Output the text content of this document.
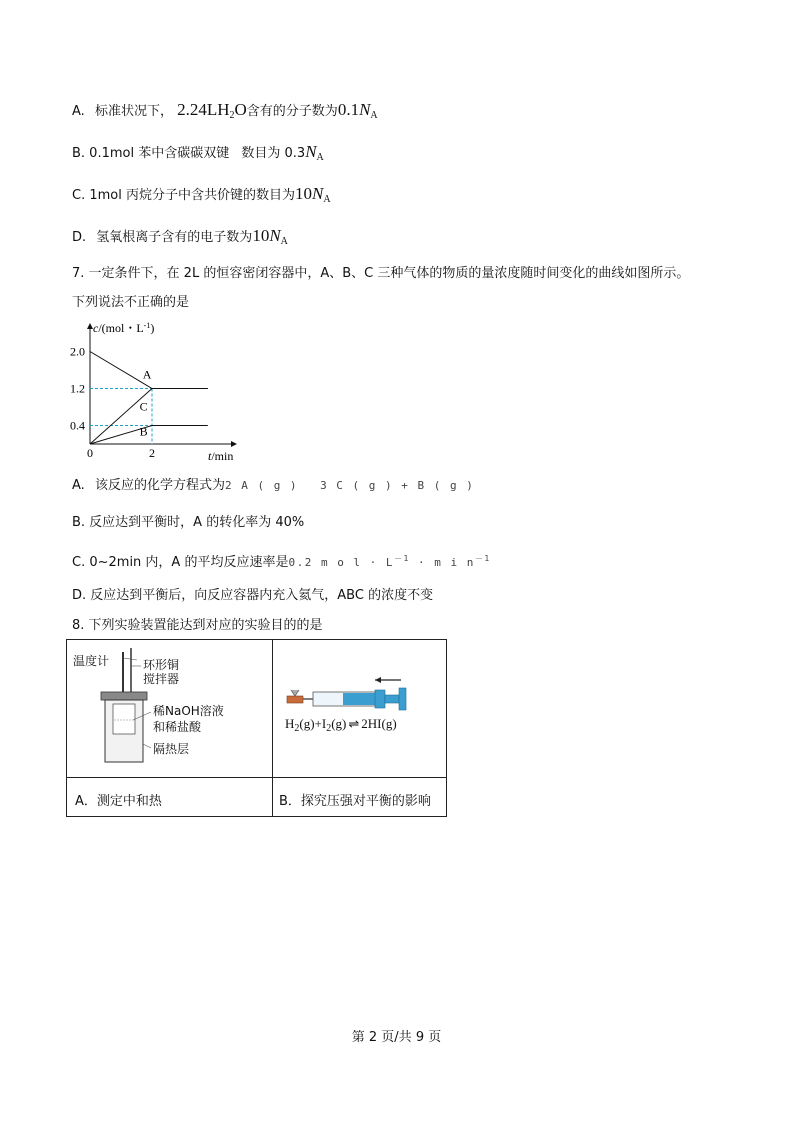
A. 标准状况下， $2.24LH_2O$含有的分子数为$0.1N_A$
B. 0.1mol 苯中含碳碳双键 数目为 $0.3N_A$
C. 1mol 丙烷分子中含共价键的数目为$10N_A$
D. 氢氧根离子含有的电子数为$10N_A$
7. 一定条件下，在 2L 的恒容密闭容器中，A、B、C 三种气体的物质的量浓度随时间变化的曲线如图所示。
下列说法不正确的是
c/(mol・$L^{-1}$)
t/min
2.0
1.2
0.4
0	2
A
C
B
A. 该反应的化学方程式为2 A ( g ) 3 C ( g ) + B ( g )
B. 反应达到平衡时，A 的转化率为 40%
C. 0~2min 内，A 的平均反应速率是0.2 m o $l \cdot L^{-1} \cdot m$ i $n^{-1}$
D. 反应达到平衡后，向反应容器内充入氦气，ABC 的浓度不变
8. 下列实验装置能达到对应的实验目的的是
温度计	环形铜
搅拌器
稀NaOH溶液
和稀盐酸
隔热层
$H_2(g)+I_2(g)$ ⇌ 2HI(g)
A．测定中和热	B．探究压强对平衡的影响
第 2 页/共 9 页
